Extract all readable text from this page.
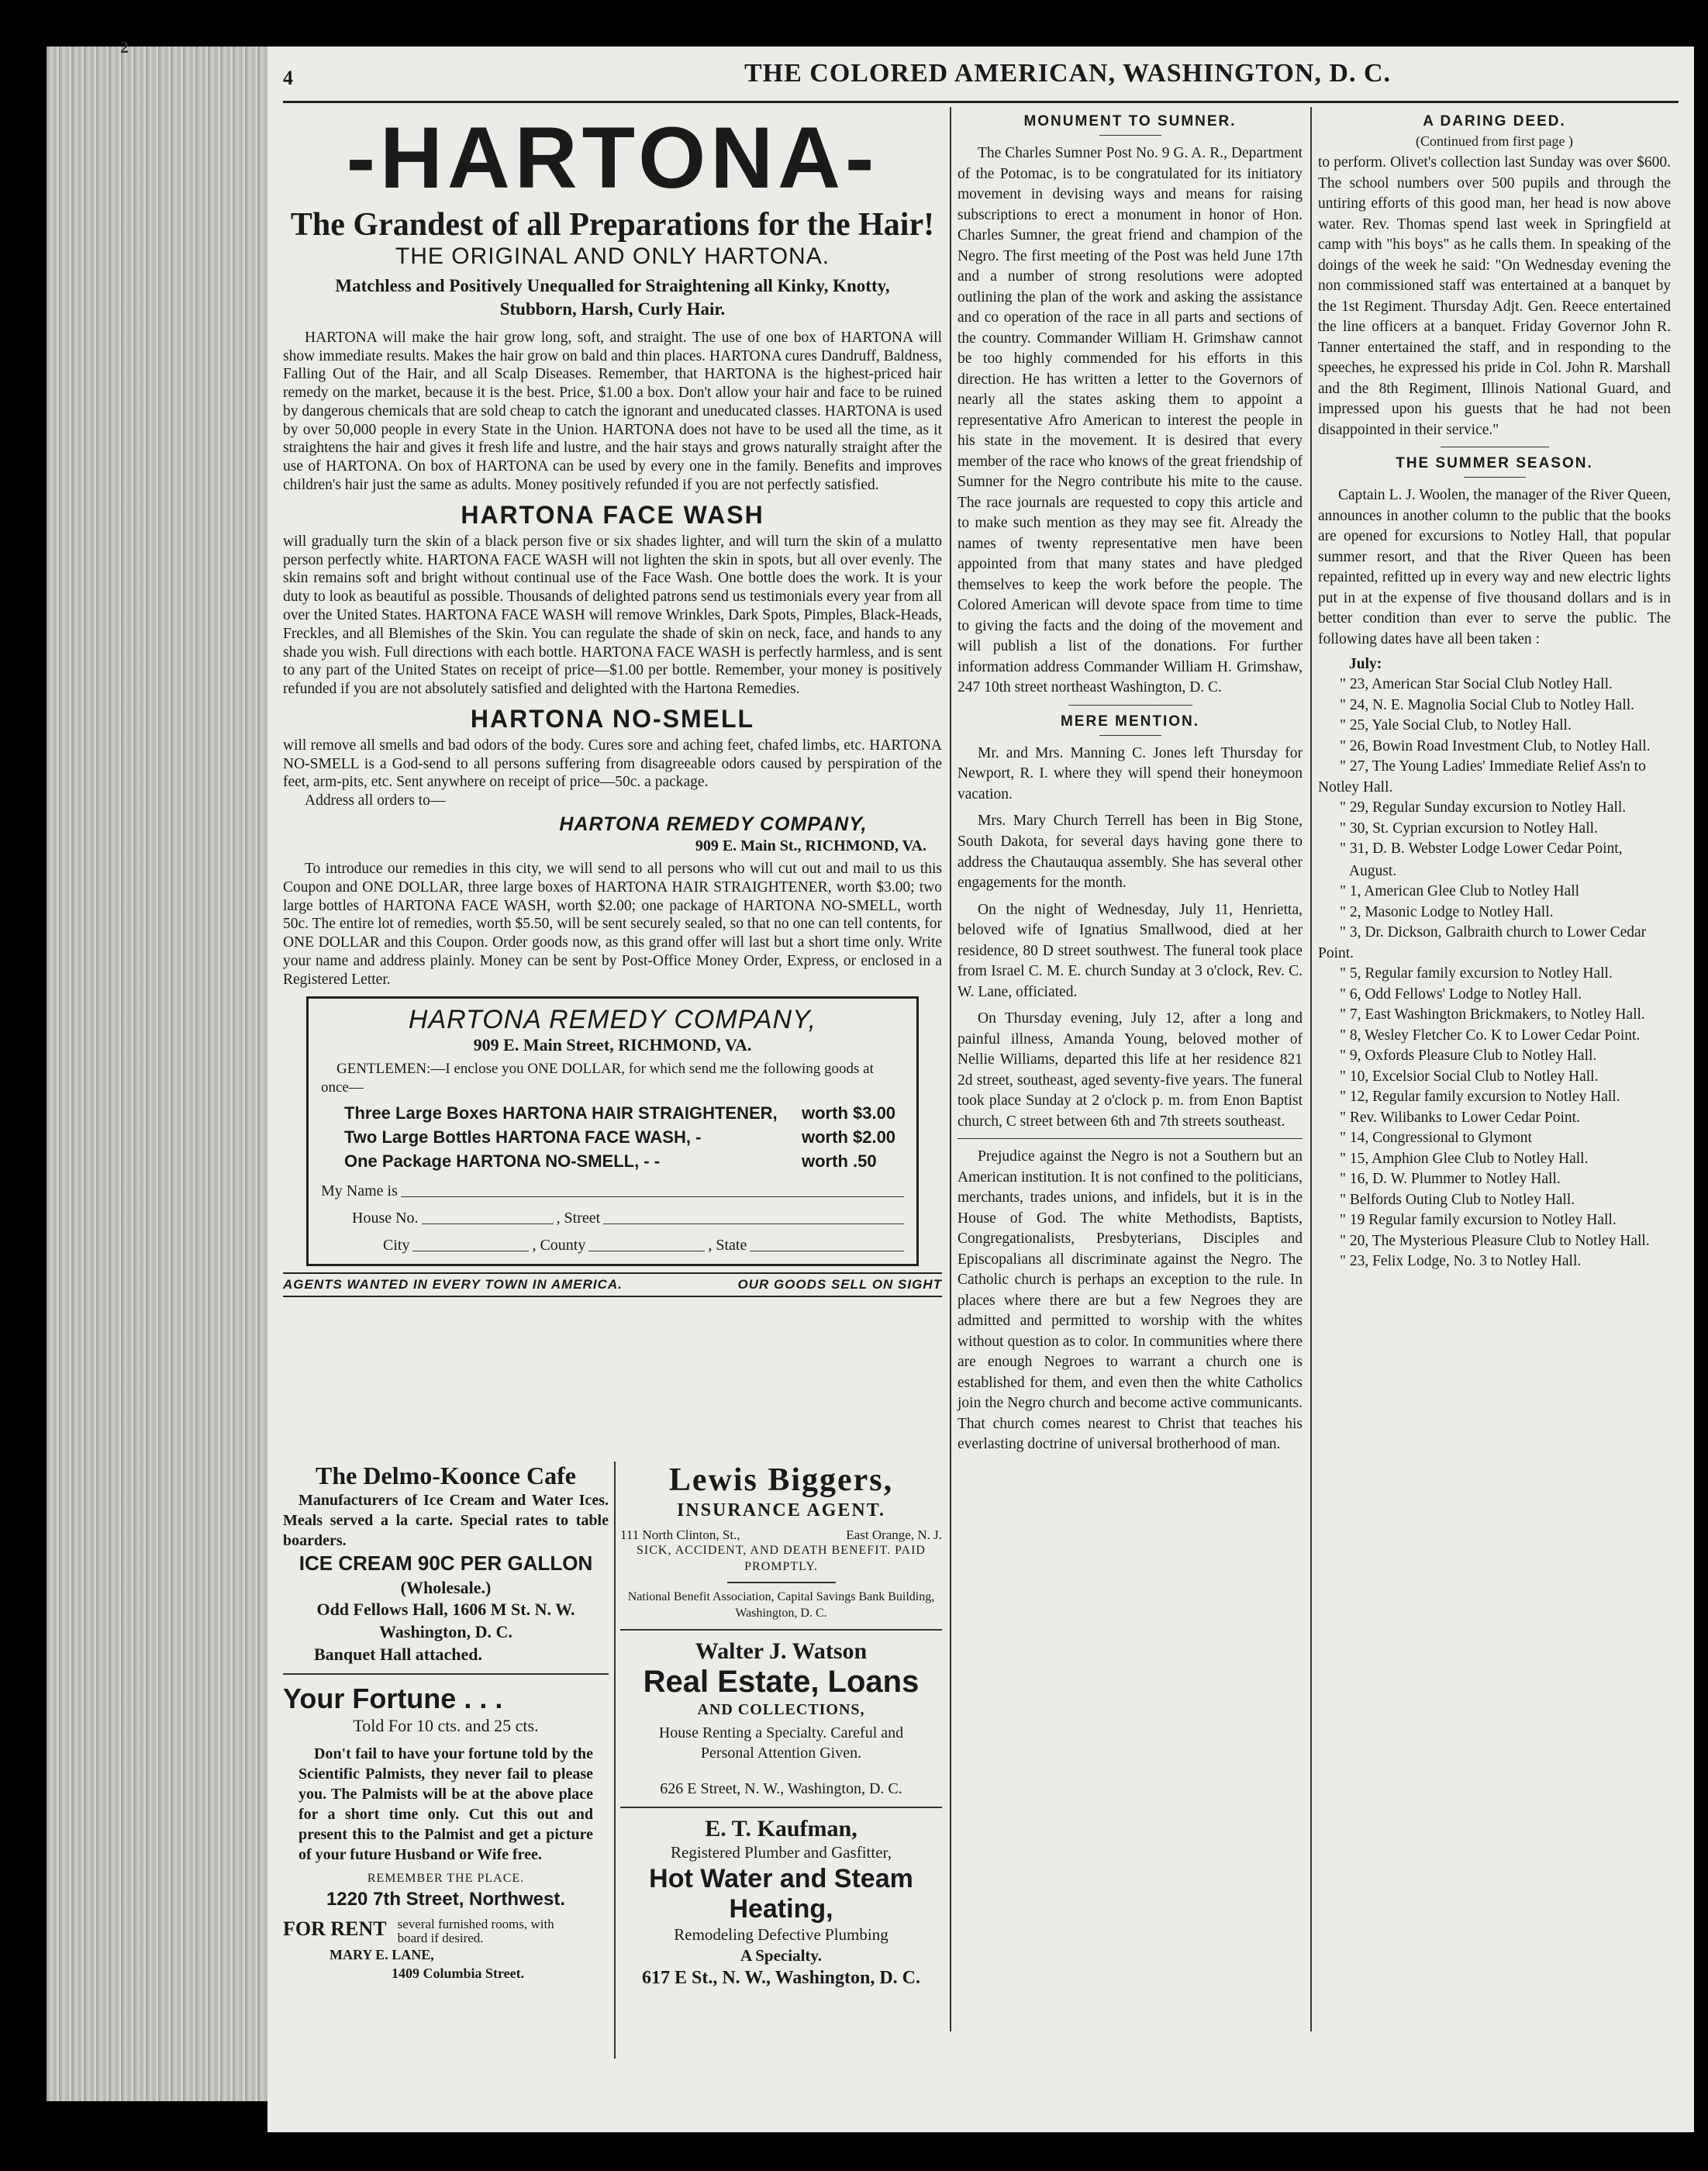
2
4	THE COLORED AMERICAN, WASHINGTON, D. C.
-HARTONA-
The Grandest of all Preparations for the Hair!
THE ORIGINAL AND ONLY HARTONA.
Matchless and Positively Unequalled for Straightening all Kinky, Knotty, Stubborn, Harsh, Curly Hair.

HARTONA will make the hair grow long, soft, and straight. The use of one box of HARTONA will show immediate results. Makes the hair grow on bald and thin places. HARTONA cures Dandruff, Baldness, Falling Out of the Hair, and all Scalp Diseases. Remember, that HARTONA is the highest-priced hair remedy on the market, because it is the best. Price, $1.00 a box. Don't allow your hair and face to be ruined by dangerous chemicals that are sold cheap to catch the ignorant and uneducated classes. HARTONA is used by over 50,000 people in every State in the Union. HARTONA does not have to be used all the time, as it straightens the hair and gives it fresh life and lustre, and the hair stays and grows naturally straight after the use of HARTONA. On box of HARTONA can be used by every one in the family. Benefits and improves children's hair just the same as adults. Money positively refunded if you are not perfectly satisfied.

HARTONA FACE WASH

will gradually turn the skin of a black person five or six shades lighter, and will turn the skin of a mulatto person perfectly white. HARTONA FACE WASH will not lighten the skin in spots, but all over evenly. The skin remains soft and bright without continual use of the Face Wash. One bottle does the work. It is your duty to look as beautiful as possible. Thousands of delighted patrons send us testimonials every year from all over the United States. HARTONA FACE WASH will remove Wrinkles, Dark Spots, Pimples, Black-Heads, Freckles, and all Blemishes of the Skin. You can regulate the shade of skin on neck, face, and hands to any shade you wish. Full directions with each bottle. HARTONA FACE WASH is perfectly harmless, and is sent to any part of the United States on receipt of price—$1.00 per bottle. Remember, your money is positively refunded if you are not absolutely satisfied and delighted with the Hartona Remedies.

HARTONA NO-SMELL

will remove all smells and bad odors of the body. Cures sore and aching feet, chafed limbs, etc. HARTONA NO-SMELL is a God-send to all persons suffering from disagreeable odors caused by perspiration of the feet, arm-pits, etc. Sent anywhere on receipt of price—50c. a package.

Address all orders to—

HARTONA REMEDY COMPANY,
909 E. Main St., RICHMOND, VA.

To introduce our remedies in this city, we will send to all persons who will cut out and mail to us this Coupon and ONE DOLLAR, three large boxes of HARTONA HAIR STRAIGHTENER, worth $3.00; two large bottles of HARTONA FACE WASH, worth $2.00; one package of HARTONA NO-SMELL, worth 50c. The entire lot of remedies, worth $5.50, will be sent securely sealed, so that no one can tell contents, for ONE DOLLAR and this Coupon. Order goods now, as this grand offer will last but a short time only. Write your name and address plainly. Money can be sent by Post-Office Money Order, Express, or enclosed in a Registered Letter.

HARTONA REMEDY COMPANY,
909 E. Main Street, RICHMOND, VA.

GENTLEMEN:—I enclose you ONE DOLLAR, for which send me the following goods at once—

Three Large Boxes HARTONA HAIR STRAIGHTENER,	worth $3.00
Two Large Bottles HARTONA FACE WASH, -	worth $2.00
One Package HARTONA NO-SMELL, - -	worth .50
My Name is
House No.	, Street
City	, County	, State
AGENTS WANTED IN EVERY TOWN IN AMERICA.	OUR GOODS SELL ON SIGHT
The Delmo-Koonce Cafe

Manufacturers of Ice Cream and Water Ices. Meals served a la carte. Special rates to table boarders.

ICE CREAM 90C PER GALLON

(Wholesale.)

Odd Fellows Hall, 1606 M St. N. W.

Washington, D. C.

Banquet Hall attached.

Your Fortune . . .

Told For 10 cts. and 25 cts.

Don't fail to have your fortune told by the Scientific Palmists, they never fail to please you. The Palmists will be at the above place for a short time only. Cut this out and present this to the Palmist and get a picture of your future Husband or Wife free.

REMEMBER THE PLACE.

1220 7th Street, Northwest.

FOR RENT several furnished rooms, with board if desired.

MARY E. LANE,

1409 Columbia Street.

Lewis Biggers,

INSURANCE AGENT.

111 North Clinton, St.,	East Orange, N. J.

SICK, ACCIDENT, AND DEATH BENEFIT. PAID PROMPTLY.

National Benefit Association, Capital Savings Bank Building, Washington, D. C.

Walter J. Watson
Real Estate, Loans

AND COLLECTIONS,

House Renting a Specialty. Careful and Personal Attention Given.

626 E Street, N. W., Washington, D. C.

E. T. Kaufman,

Registered Plumber and Gasfitter,

Hot Water and Steam Heating,

Remodeling Defective Plumbing

A Specialty.

617 E St., N. W., Washington, D. C.

MONUMENT TO SUMNER.

The Charles Sumner Post No. 9 G. A. R., Department of the Potomac, is to be congratulated for its initiatory movement in devising ways and means for raising subscriptions to erect a monument in honor of Hon. Charles Sumner, the great friend and champion of the Negro. The first meeting of the Post was held June 17th and a number of strong resolutions were adopted outlining the plan of the work and asking the assistance and co operation of the race in all parts and sections of the country. Commander William H. Grimshaw cannot be too highly commended for his efforts in this direction. He has written a letter to the Governors of nearly all the states asking them to appoint a representative Afro American to interest the people in his state in the movement. It is desired that every member of the race who knows of the great friendship of Sumner for the Negro contribute his mite to the cause. The race journals are requested to copy this article and to make such mention as they may see fit. Already the names of twenty representative men have been appointed from that many states and have pledged themselves to keep the work before the people. The Colored American will devote space from time to time to giving the facts and the doing of the movement and will publish a list of the donations. For further information address Commander William H. Grimshaw, 247 10th street northeast Washington, D. C.

MERE MENTION.

Mr. and Mrs. Manning C. Jones left Thursday for Newport, R. I. where they will spend their honeymoon vacation.

Mrs. Mary Church Terrell has been in Big Stone, South Dakota, for several days having gone there to address the Chautauqua assembly. She has several other engagements for the month.

On the night of Wednesday, July 11, Henrietta, beloved wife of Ignatius Smallwood, died at her residence, 80 D street southwest. The funeral took place from Israel C. M. E. church Sunday at 3 o'clock, Rev. C. W. Lane, officiated.

On Thursday evening, July 12, after a long and painful illness, Amanda Young, beloved mother of Nellie Williams, departed this life at her residence 821 2d street, southeast, aged seventy-five years. The funeral took place Sunday at 2 o'clock p. m. from Enon Baptist church, C street between 6th and 7th streets southeast.

Prejudice against the Negro is not a Southern but an American institution. It is not confined to the politicians, merchants, trades unions, and infidels, but it is in the House of God. The white Methodists, Baptists, Congregationalists, Presbyterians, Disciples and Episcopalians all discriminate against the Negro. The Catholic church is perhaps an exception to the rule. In places where there are but a few Negroes they are admitted and permitted to worship with the whites without question as to color. In communities where there are enough Negroes to warrant a church one is established for them, and even then the white Catholics join the Negro church and become active communicants. That church comes nearest to Christ that teaches his everlasting doctrine of universal brotherhood of man.

A DARING DEED.
(Continued from first page )

to perform. Olivet's collection last Sunday was over $600. The school numbers over 500 pupils and through the untiring efforts of this good man, her head is now above water. Rev. Thomas spend last week in Springfield at camp with "his boys" as he calls them. In speaking of the doings of the week he said: "On Wednesday evening the non commissioned staff was entertained at a banquet by the 1st Regiment. Thursday Adjt. Gen. Reece entertained the line officers at a banquet. Friday Governor John R. Tanner entertained the staff, and in responding to the speeches, he expressed his pride in Col. John R. Marshall and the 8th Regiment, Illinois National Guard, and impressed upon his guests that he had not been disappointed in their service."

THE SUMMER SEASON.

Captain L. J. Woolen, the manager of the River Queen, announces in another column to the public that the books are opened for excursions to Notley Hall, that popular summer resort, and that the River Queen has been repainted, refitted up in every way and new electric lights put in at the expense of five thousand dollars and is in better condition than ever to serve the public. The following dates have all been taken :

July:

" 23, American Star Social Club Notley Hall.

" 24, N. E. Magnolia Social Club to Notley Hall.

" 25, Yale Social Club, to Notley Hall.

" 26, Bowin Road Investment Club, to Notley Hall.

" 27, The Young Ladies' Immediate Relief Ass'n to Notley Hall.

" 29, Regular Sunday excursion to Notley Hall.

" 30, St. Cyprian excursion to Notley Hall.

" 31, D. B. Webster Lodge Lower Cedar Point,

August.

" 1, American Glee Club to Notley Hall

" 2, Masonic Lodge to Notley Hall.

" 3, Dr. Dickson, Galbraith church to Lower Cedar Point.

" 5, Regular family excursion to Notley Hall.

" 6, Odd Fellows' Lodge to Notley Hall.

" 7, East Washington Brickmakers, to Notley Hall.

" 8, Wesley Fletcher Co. K to Lower Cedar Point.

" 9, Oxfords Pleasure Club to Notley Hall.

" 10, Excelsior Social Club to Notley Hall.

" 12, Regular family excursion to Notley Hall.

" Rev. Wilibanks to Lower Cedar Point.

" 14, Congressional to Glymont

" 15, Amphion Glee Club to Notley Hall.

" 16, D. W. Plummer to Notley Hall.

" Belfords Outing Club to Notley Hall.

" 19 Regular family excursion to Notley Hall.

" 20, The Mysterious Pleasure Club to Notley Hall.

" 23, Felix Lodge, No. 3 to Notley Hall.
